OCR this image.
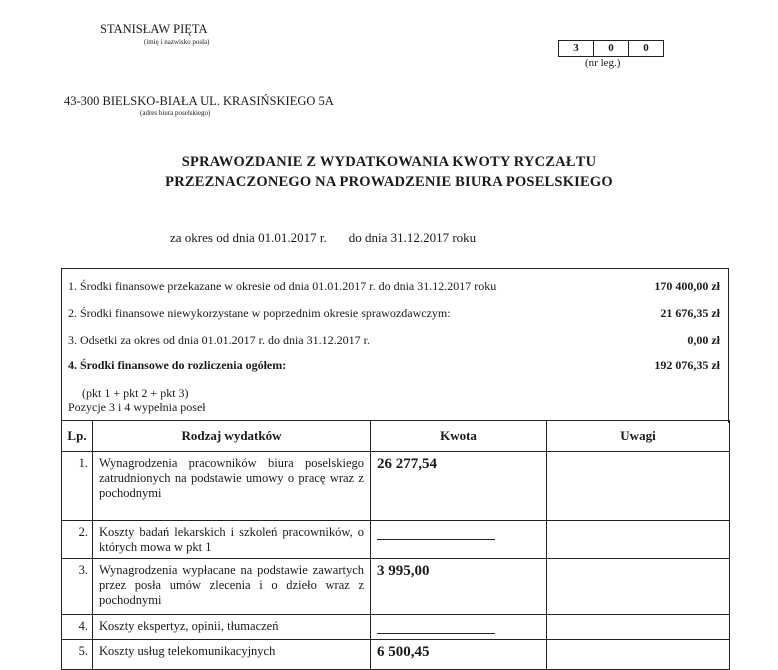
STANISŁAW PIĘTA
(imię i nazwisko posła)	3	0	0
(nr leg.)
43-300 BIELSKO-BIAŁA UL. KRASIŃSKIEGO 5A
(adres biura poselskiego)
SPRAWOZDANIE Z WYDATKOWANIA KWOTY RYCZAŁTU
PRZEZNACZONEGO NA PROWADZENIE BIURA POSELSKIEGO
za okres od dnia 01.01.2017 r. do dnia 31.12.2017 roku
1. Środki finansowe przekazane w okresie od dnia 01.01.2017 r. do dnia 31.12.2017 roku	170 400,00 zł
2. Środki finansowe niewykorzystane w poprzednim okresie sprawozdawczym:	21 676,35 zł
3. Odsetki za okres od dnia 01.01.2017 r. do dnia 31.12.2017 r.	0,00 zł
4. Środki finansowe do rozliczenia ogółem:	192 076,35 zł
(pkt 1 + pkt 2 + pkt 3)
Pozycje 3 i 4 wypełnia poseł
Lp.	Rodzaj wydatków	Kwota	Uwagi
1.	Wynagrodzenia pracowników biura poselskiego zatrudnionych na podstawie umowy o pracę wraz z pochodnymi	26 277,54	
2.	Koszty badań lekarskich i szkoleń pracowników, o których mowa w pkt 1		
3.	Wynagrodzenia wypłacane na podstawie zawartych przez posła umów zlecenia i o dzieło wraz z pochodnymi	3 995,00	
4.	Koszty ekspertyz, opinii, tłumaczeń		
5.	Koszty usług telekomunikacyjnych	6 500,45	
